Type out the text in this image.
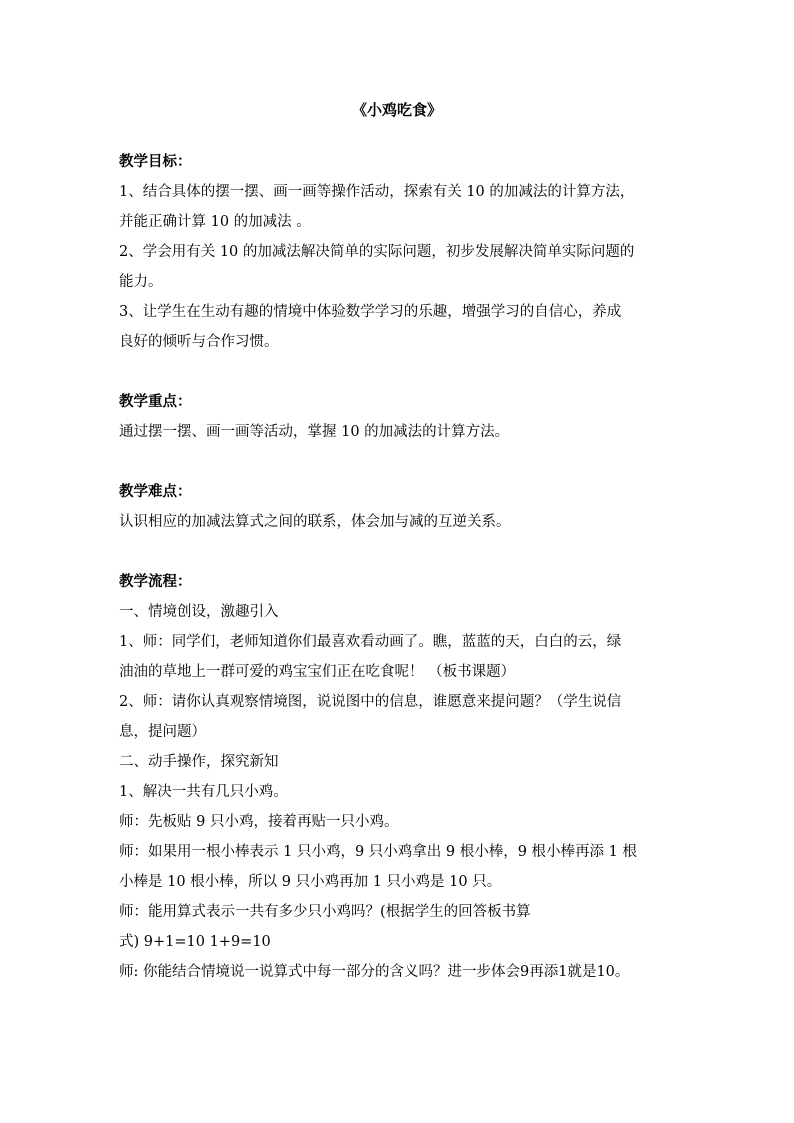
《小鸡吃食》

教学目标：

1、结合具体的摆一摆、画一画等操作活动，探索有关 10 的加减法的计算方法，

并能正确计算 10 的加减法 。

2、学会用有关 10 的加减法解决简单的实际问题，初步发展解决简单实际问题的

能力。

3、让学生在生动有趣的情境中体验数学学习的乐趣，增强学习的自信心，养成

良好的倾听与合作习惯。

教学重点：

通过摆一摆、画一画等活动，掌握 10 的加减法的计算方法。

教学难点：

认识相应的加减法算式之间的联系，体会加与减的互逆关系。

教学流程：

一、情境创设，激趣引入

1、师：同学们，老师知道你们最喜欢看动画了。瞧，蓝蓝的天，白白的云，绿

油油的草地上一群可爱的鸡宝宝们正在吃食呢！ （板书课题）

2、师：请你认真观察情境图，说说图中的信息，谁愿意来提问题？（学生说信

息，提问题）

二、动手操作，探究新知

1、解决一共有几只小鸡。

师：先板贴 9 只小鸡，接着再贴一只小鸡。

师：如果用一根小棒表示 1 只小鸡，9 只小鸡拿出 9 根小棒，9 根小棒再添 1 根

小棒是 10 根小棒，所以 9 只小鸡再加 1 只小鸡是 10 只。

师：能用算式表示一共有多少只小鸡吗？(根据学生的回答板书算

式) 9+1=10 1+9=10

师: 你能结合情境说一说算式中每一部分的含义吗？进一步体会9再添1就是10。
